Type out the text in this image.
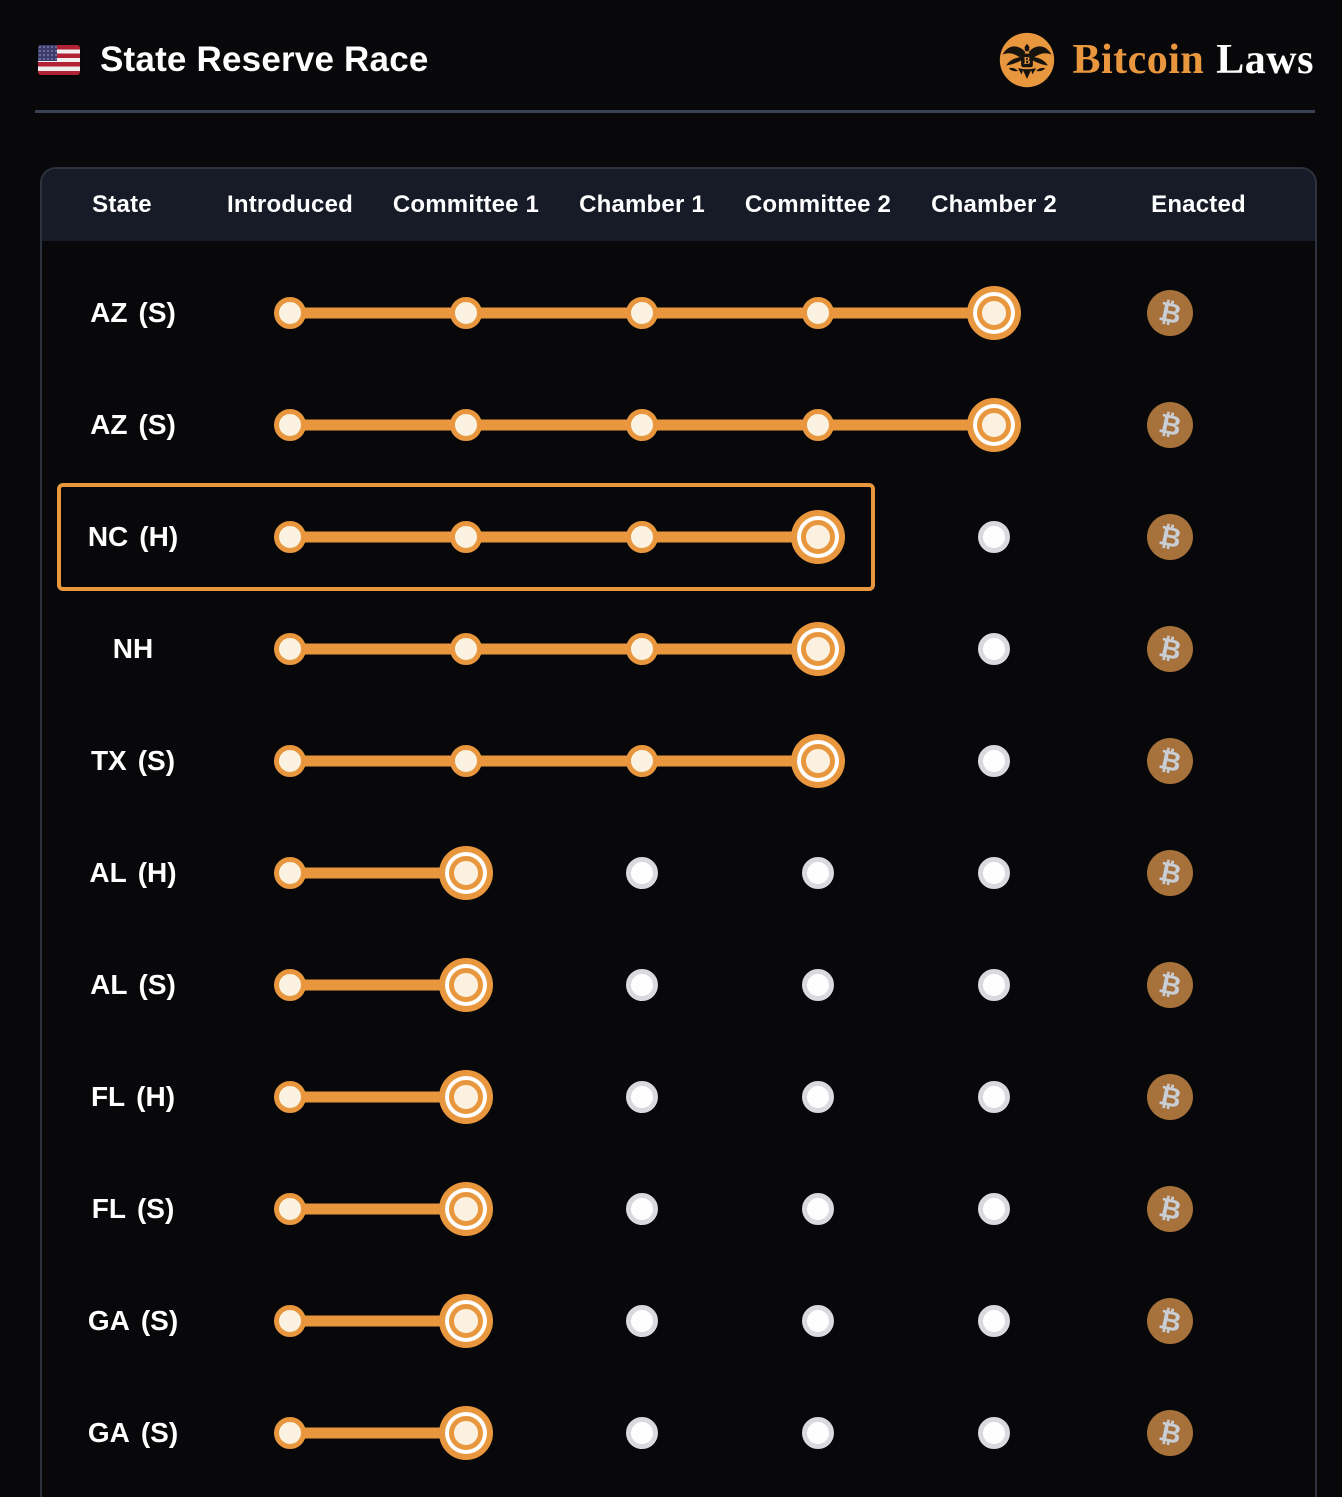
State Reserve Race	B Bitcoin Laws
State	Introduced	Committee 1	Chamber 1	Committee 2	Chamber 2	Enacted
AZ (S)	₿
AZ (S)	₿
NC (H)	₿
NH	₿
TX (S)	₿
AL (H)	₿
AL (S)	₿
FL (H)	₿
FL (S)	₿
GA (S)	₿
GA (S)	₿
